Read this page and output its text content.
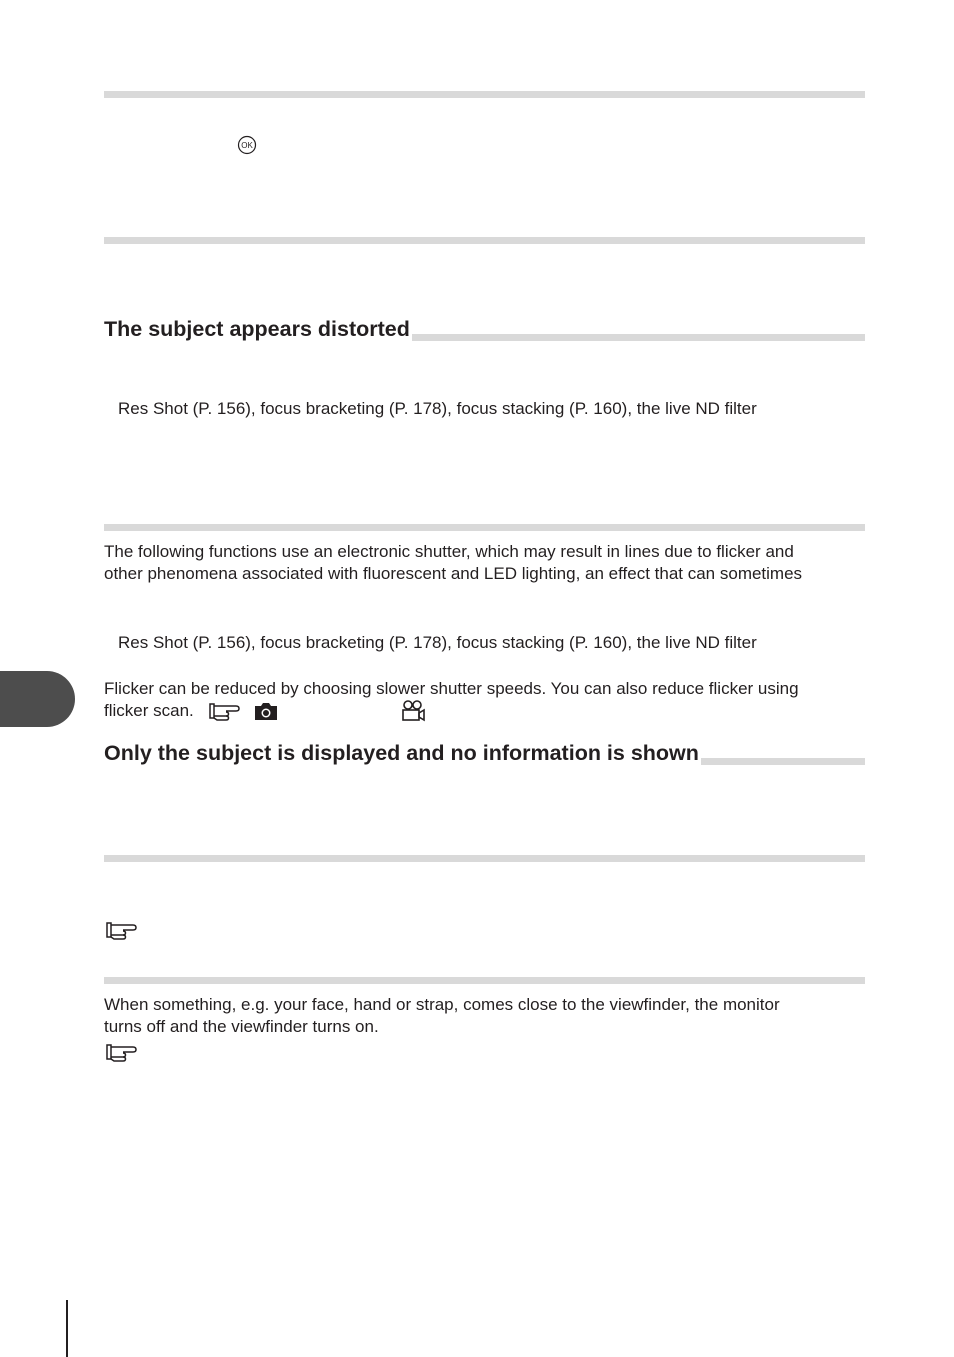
OK
The subject appears distorted
Res Shot (P. 156), focus bracketing (P. 178), focus stacking (P. 160), the live ND filter
The following functions use an electronic shutter, which may result in lines due to flicker and
other phenomena associated with fluorescent and LED lighting, an effect that can sometimes
Res Shot (P. 156), focus bracketing (P. 178), focus stacking (P. 160), the live ND filter
Flicker can be reduced by choosing slower shutter speeds. You can also reduce flicker using
flicker scan.
Only the subject is displayed and no information is shown
When something, e.g. your face, hand or strap, comes close to the viewfinder, the monitor
turns off and the viewfinder turns on.
